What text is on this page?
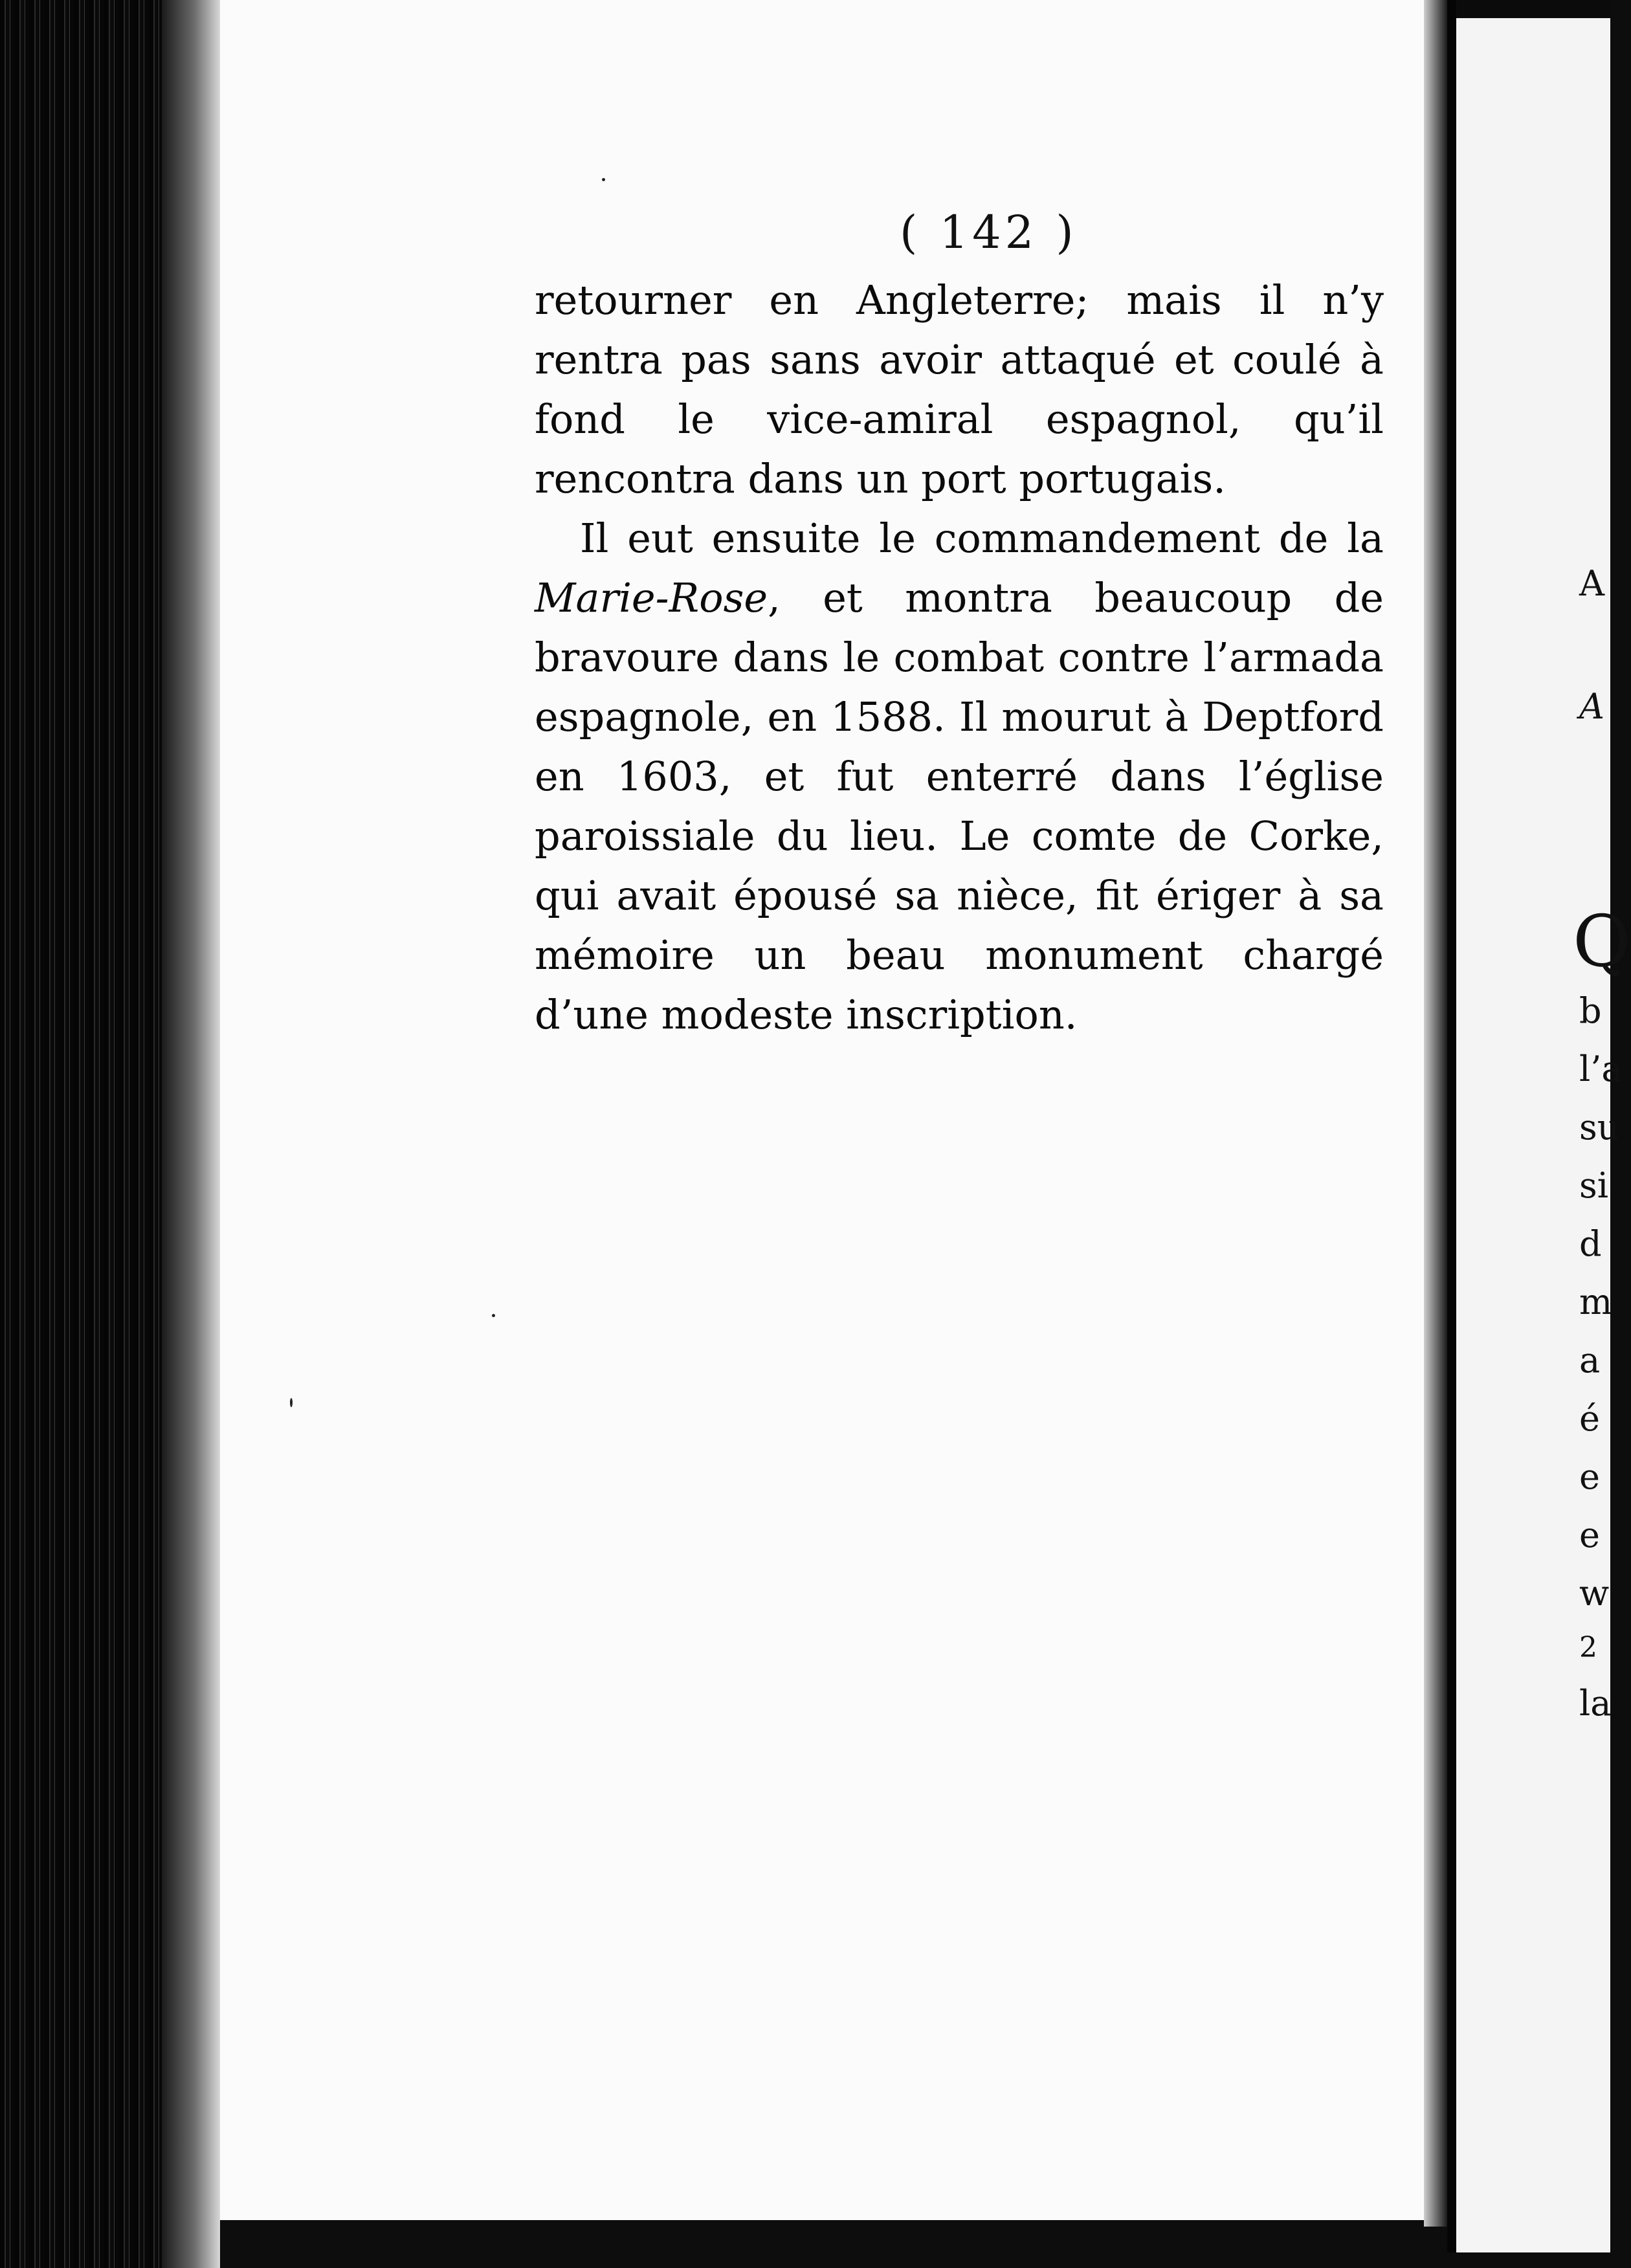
A
A
Q
b
l’a
su
si
d
m
a
é
e
e
w
2
la
( 142 )

retourner en Angleterre; mais il n’y rentra pas sans avoir attaqué et coulé à fond le vice-amiral espagnol, qu’il rencontra dans un port portugais.

Il eut ensuite le commandement de la Marie-Rose, et montra beaucoup de bravoure dans le combat contre l’armada espagnole, en 1588. Il mourut à Deptford en 1603, et fut enterré dans l’église paroissiale du lieu. Le comte de Corke, qui avait épousé sa nièce, fit ériger à sa mémoire un beau monument chargé d’une modeste inscription.
